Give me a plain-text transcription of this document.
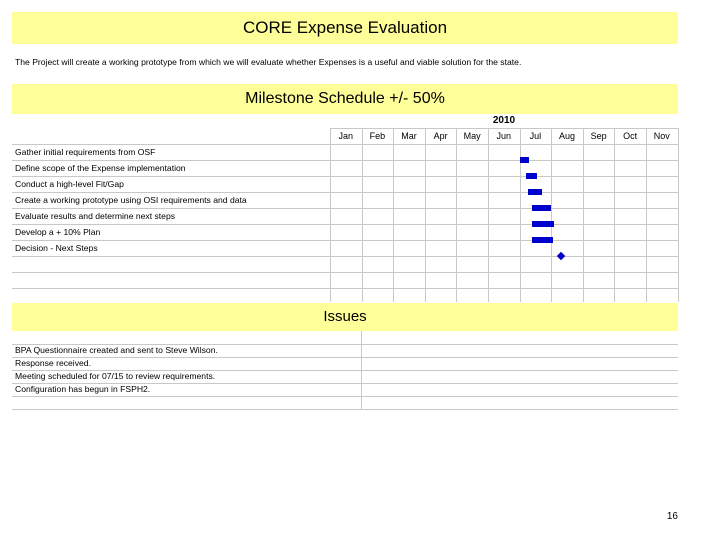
CORE Expense Evaluation
The Project will create a working prototype from which we will evaluate whether Expenses is a useful and viable solution for the state.
Milestone Schedule +/- 50%
2010
Jan	Feb	Mar	Apr	May	Jun	Jul	Aug	Sep	Oct	Nov
Gather initial requirements from OSF
Define scope of the Expense implementation
Conduct a high-level Fit/Gap
Create a working prototype using OSI requirements and data
Evaluate results and determine next steps
Develop a + 10% Plan
Decision - Next Steps
Issues
BPA Questionnaire created and sent to Steve Wilson.
Response received.
Meeting scheduled for 07/15 to review requirements.
Configuration has begun in FSPH2.
16
